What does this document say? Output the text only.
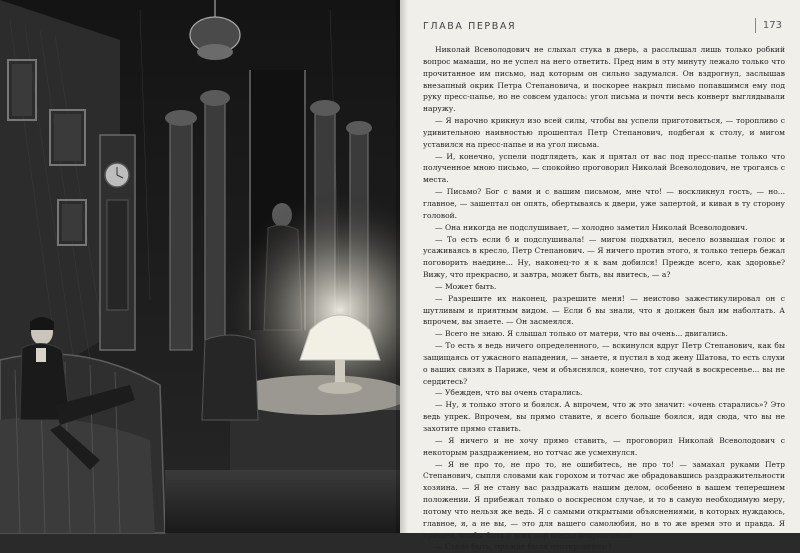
ГЛАВА ПЕРВАЯ	173

Николай Всеволодович не слыхал стука в дверь, а расслышал лишь только робкий вопрос мамаши, но не успел на него ответить. Пред ним в эту минуту лежало только что прочитанное им письмо, над которым он сильно задумался. Он вздрогнул, заслышав внезапный окрик Петра Степановича, и поскорее накрыл письмо попавшимся ему под руку пресс-папье, но не совсем удалось: угол письма и почти весь конверт выглядывали наружу.

— Я нарочно крикнул изо всей силы, чтобы вы успели приготовиться, — торопливо с удивительною наивностью прошептал Петр Степанович, подбегая к столу, и мигом уставился на пресс-папье и на угол письма.

— И, конечно, успели подглядеть, как я прятал от вас под пресс-папье только что полученное мною письмо, — спокойно проговорил Николай Всеволодович, не трогаясь с места.

— Письмо? Бог с вами и с вашим письмом, мне что! — воскликнул гость, — но... главное, — зашептал он опять, обертываясь к двери, уже запертой, и кивая в ту сторону головой.

— Она никогда не подслушивает, — холодно заметил Николай Всеволодович.

— То есть если б и подслушивала! — мигом подхватил, весело возвышая голос и усаживаясь в кресло, Петр Степанович. — Я ничего против этого, я только теперь бежал поговорить наедине... Ну, наконец-то я к вам добился! Прежде всего, как здоровье? Вижу, что прекрасно, и завтра, может быть, вы явитесь, — а?

— Может быть.

— Разрешите их наконец, разрешите меня! — неистово зажестикулировал он с шутливым и приятным видом. — Если б вы знали, что я должен был им наболтать. А впрочем, вы знаете. — Он засмеялся.

— Всего не знаю. Я слышал только от матери, что вы очень... двигались.

— То есть я ведь ничего определенного, — вскинулся вдруг Петр Степанович, как бы защищаясь от ужасного нападения, — знаете, я пустил в ход жену Шатова, то есть слухи о ваших связях в Париже, чем и объяснялся, конечно, тот случай в воскресенье... вы не сердитесь?

— Убежден, что вы очень старались.

— Ну, я только этого и боялся. А впрочем, что ж это значит: «очень старались»? Это ведь упрек. Впрочем, вы прямо ставите, я всего больше боялся, идя сюда, что вы не захотите прямо ставить.

— Я ничего и не хочу прямо ставить, — проговорил Николай Всеволодович с некоторым раздражением, но тотчас же усмехнулся.

— Я не про то, не про то, не ошибитесь, не про то! — замахал руками Петр Степанович, сыпля словами как горохом и тотчас же обрадовавшись раздражительности хозяина. — Я не стану вас раздражать нашим делом, особенно в вашем теперешнем положении. Я прибежал только о воскресном случае, и то в самую необходимую меру, потому что нельзя же ведь. Я с самыми открытыми объяснениями, в которых нуждаюсь, главное, я, а не вы, — это для вашего самолюбия, но в то же время это и правда. Я пришел, чтобы быть с этих пор всегда откровенным.

— Стало быть, прежде были неоткровенны?
